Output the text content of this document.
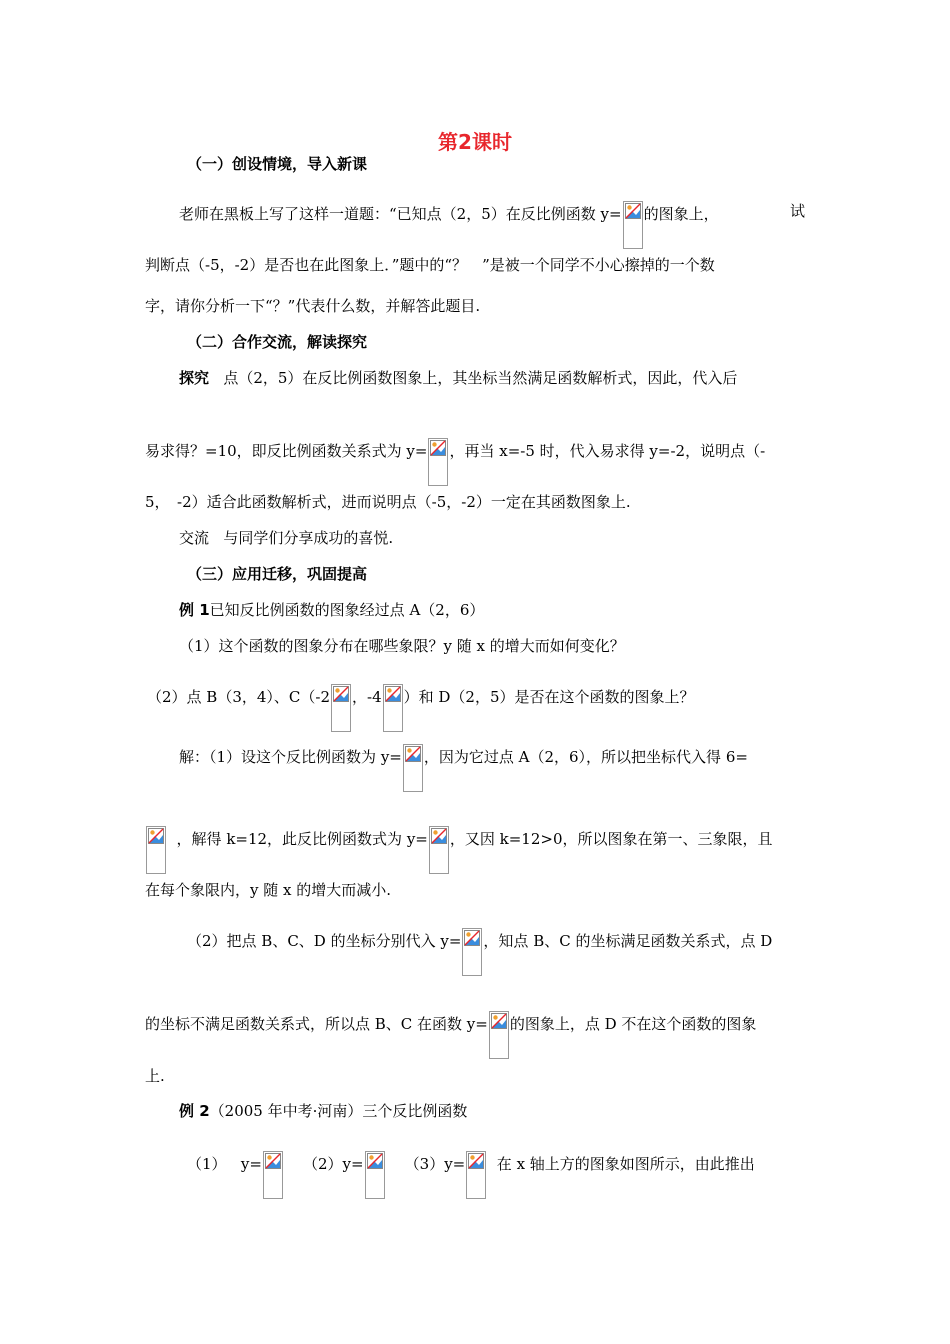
第2课时
（一）创设情境，导入新课
老师在黑板上写了这样一道题：“已知点（2，5）在反比例函数 y= 的图象上，	试
判断点（-5，-2）是否也在此图象上．”题中的“？　”是被一个同学不小心擦掉的一个数
字，请你分析一下“？”代表什么数，并解答此题目.
（二）合作交流，解读探究
探究 点（2，5）在反比例函数图象上，其坐标当然满足函数解析式，因此，代入后
易求得？=10，即反比例函数关系式为 y= ，再当 x=-5 时，代入易求得 y=-2，说明点（-
5，　-2）适合此函数解析式，进而说明点（-5，-2）一定在其函数图象上.
交流 与同学们分享成功的喜悦.
（三）应用迁移，巩固提高
例 1已知反比例函数的图象经过点 A（2，6）
（1）这个函数的图象分布在哪些象限？y 随 x 的增大而如何变化？
（2）点 B（3，4）、C（-2 ，-4 ）和 D（2，5）是否在这个函数的图象上？
解：（1）设这个反比例函数为 y= ，因为它过点 A（2，6），所以把坐标代入得 6=
，解得 k=12，此反比例函数式为 y= ，又因 k=12>0，所以图象在第一、三象限，且
在每个象限内，y 随 x 的增大而减小.
（2）把点 B、C、D 的坐标分别代入 y= ，知点 B、C 的坐标满足函数关系式，点 D
的坐标不满足函数关系式，所以点 B、C 在函数 y= 的图象上，点 D 不在这个函数的图象
上.
例 2（2005 年中考·河南）三个反比例函数
（1） y=	（2）y=	（3）y= 在 x 轴上方的图象如图所示，由此推出
